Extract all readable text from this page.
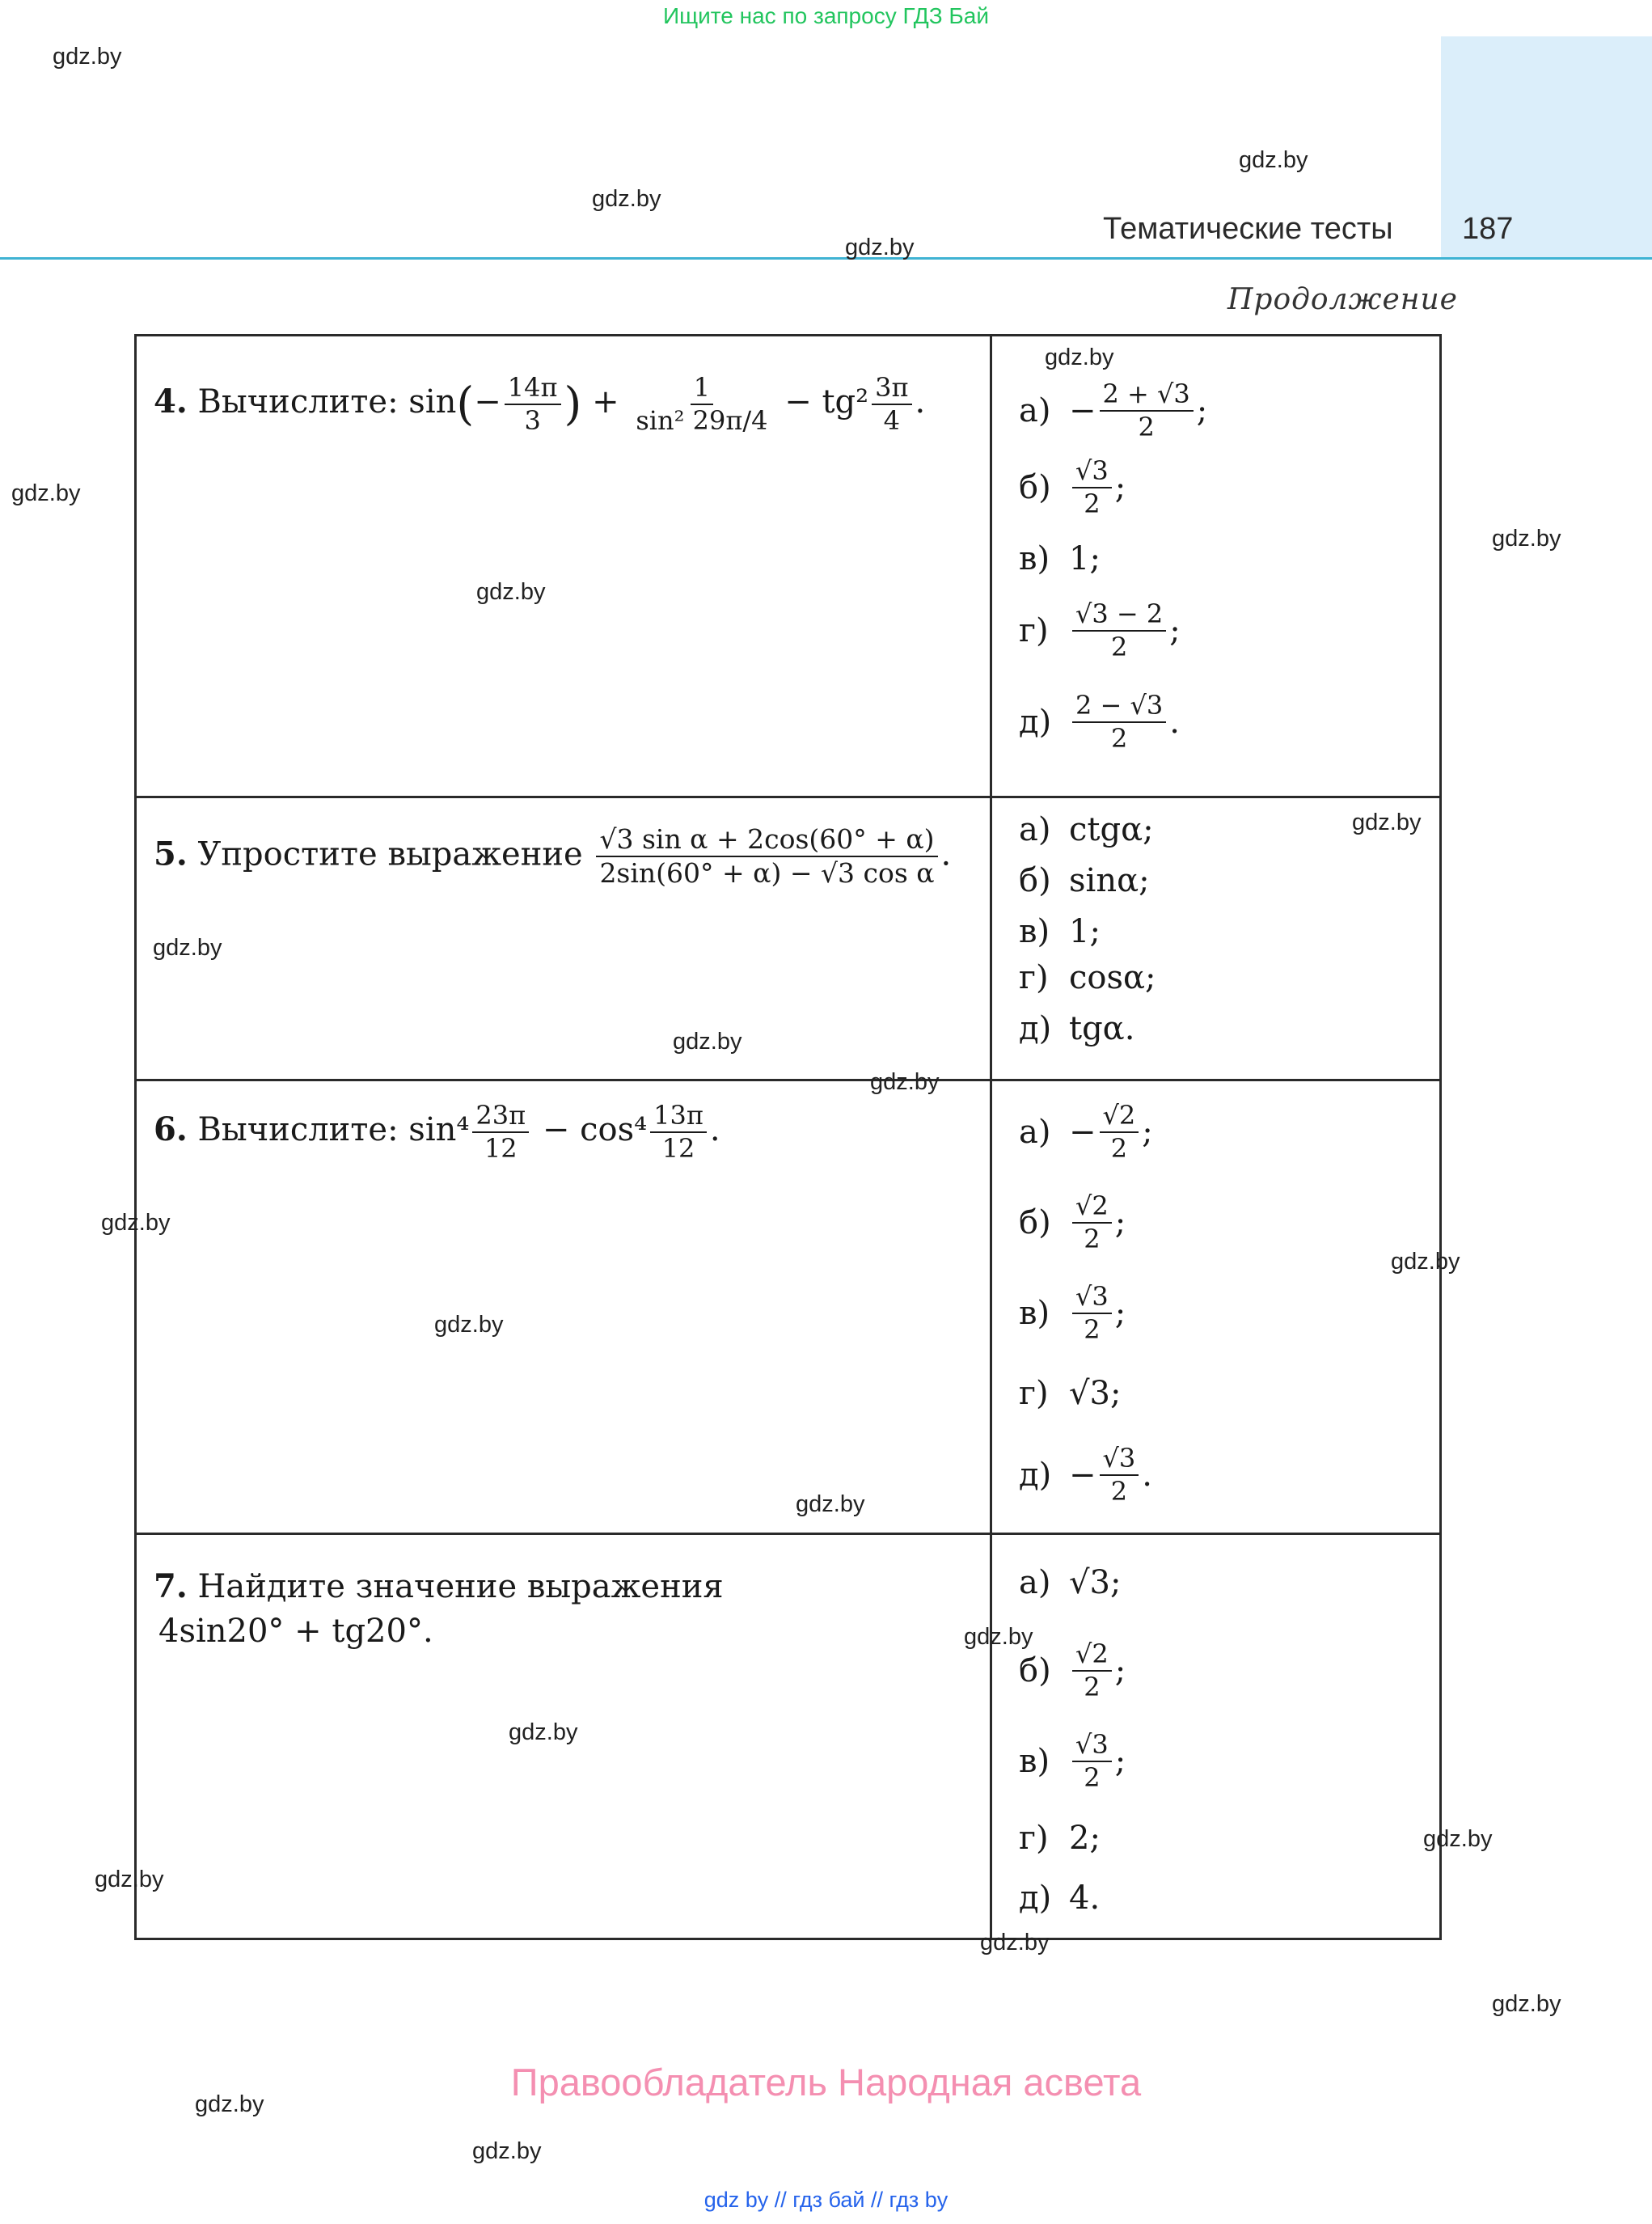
Ищите нас по запросу ГДЗ Бай
Тематические тесты 187
Продолжение
4. Вычислите: $\sin(- \frac{14\pi}{3}$ ) + $\frac{1}{\text{sin² 29π/4}} - tg^2 \frac{3\pi}{4}$ .	$а) - \frac{2 + √3}{2}$ ;
$б) \frac{√3}{2}$ ;
в) 1;
$г) \frac{√3 - 2}{2}$ ;
$д) \frac{2 - √3}{2}$ .
5. Упростите выражение $\frac{\text{√3 sin α + 2cos(60° + α)}}{\text{2sin(60° + α) − √3 cos α}}$ .
а) ctgα;
б) sinα;
в) 1;
г) cosα;
д) tgα.
6. Вычислите: $\sin^4 \frac{23\pi}{12} - \cos^4 \frac{13\pi}{12}$ .	$а) - \frac{√2}{2}$ ;
$б) \frac{√2}{2}$ ;
$в) \frac{√3}{2}$ ;
г) √3;
$д) - \frac{√3}{2}$ .
7. Найдите значение выражения
4sin20° + tg20°.
а) √3;
$б) \frac{√2}{2}$ ;
$в) \frac{√3}{2}$ ;
г) 2;
д) 4.
gdz.by
gdz.by
gdz.by
gdz.by
gdz.by
gdz.by
gdz.by
gdz.by
gdz.by
gdz.by
gdz.by
gdz.by
gdz.by
gdz.by
gdz.by
gdz.by
gdz.by
gdz.by
gdz.by
gdz.by
gdz.by
gdz.by
gdz.by
gdz.by
Правообладатель Народная асвета
gdz by // гдз бай // гдз by
